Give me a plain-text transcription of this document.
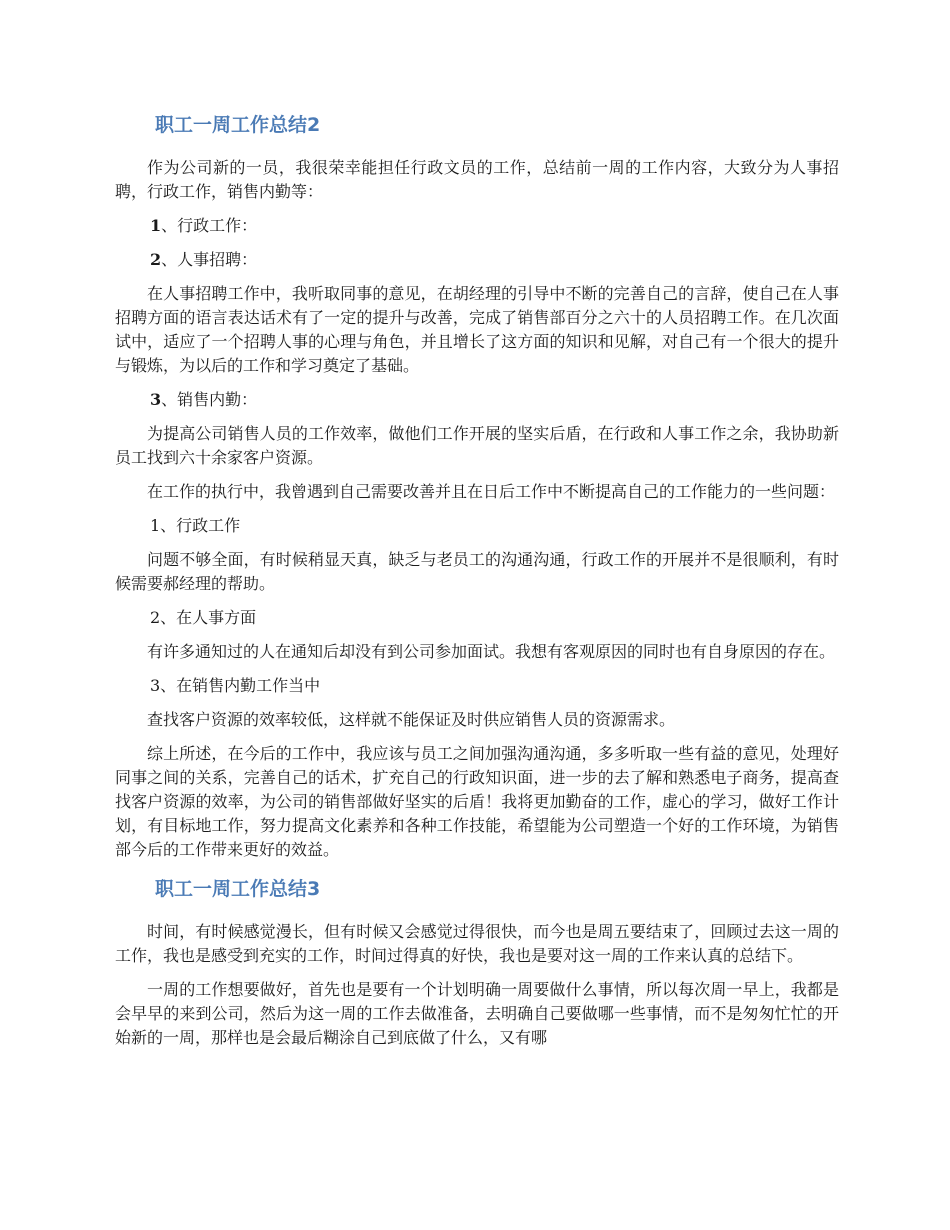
职工一周工作总结2

作为公司新的一员，我很荣幸能担任行政文员的工作，总结前一周的工作内容，大致分为人事招聘，行政工作，销售内勤等：

1、行政工作：

2、人事招聘：

在人事招聘工作中，我听取同事的意见，在胡经理的引导中不断的完善自己的言辞，使自己在人事招聘方面的语言表达话术有了一定的提升与改善，完成了销售部百分之六十的人员招聘工作。在几次面试中，适应了一个招聘人事的心理与角色，并且增长了这方面的知识和见解，对自己有一个很大的提升与锻炼，为以后的工作和学习奠定了基础。

3、销售内勤：

为提高公司销售人员的工作效率，做他们工作开展的坚实后盾，在行政和人事工作之余，我协助新员工找到六十余家客户资源。

在工作的执行中，我曾遇到自己需要改善并且在日后工作中不断提高自己的工作能力的一些问题：

1、行政工作

问题不够全面，有时候稍显天真，缺乏与老员工的沟通沟通，行政工作的开展并不是很顺利，有时候需要郝经理的帮助。

2、在人事方面

有许多通知过的人在通知后却没有到公司参加面试。我想有客观原因的同时也有自身原因的存在。

3、在销售内勤工作当中

查找客户资源的效率较低，这样就不能保证及时供应销售人员的资源需求。

综上所述，在今后的工作中，我应该与员工之间加强沟通沟通，多多听取一些有益的意见，处理好同事之间的关系，完善自己的话术，扩充自己的行政知识面，进一步的去了解和熟悉电子商务，提高查找客户资源的效率，为公司的销售部做好坚实的后盾！我将更加勤奋的工作，虚心的学习，做好工作计划，有目标地工作，努力提高文化素养和各种工作技能，希望能为公司塑造一个好的工作环境，为销售部今后的工作带来更好的效益。

职工一周工作总结3

时间，有时候感觉漫长，但有时候又会感觉过得很快，而今也是周五要结束了，回顾过去这一周的工作，我也是感受到充实的工作，时间过得真的好快，我也是要对这一周的工作来认真的总结下。

一周的工作想要做好，首先也是要有一个计划明确一周要做什么事情，所以每次周一早上，我都是会早早的来到公司，然后为这一周的工作去做准备，去明确自己要做哪一些事情，而不是匆匆忙忙的开始新的一周，那样也是会最后糊涂自己到底做了什么，又有哪
